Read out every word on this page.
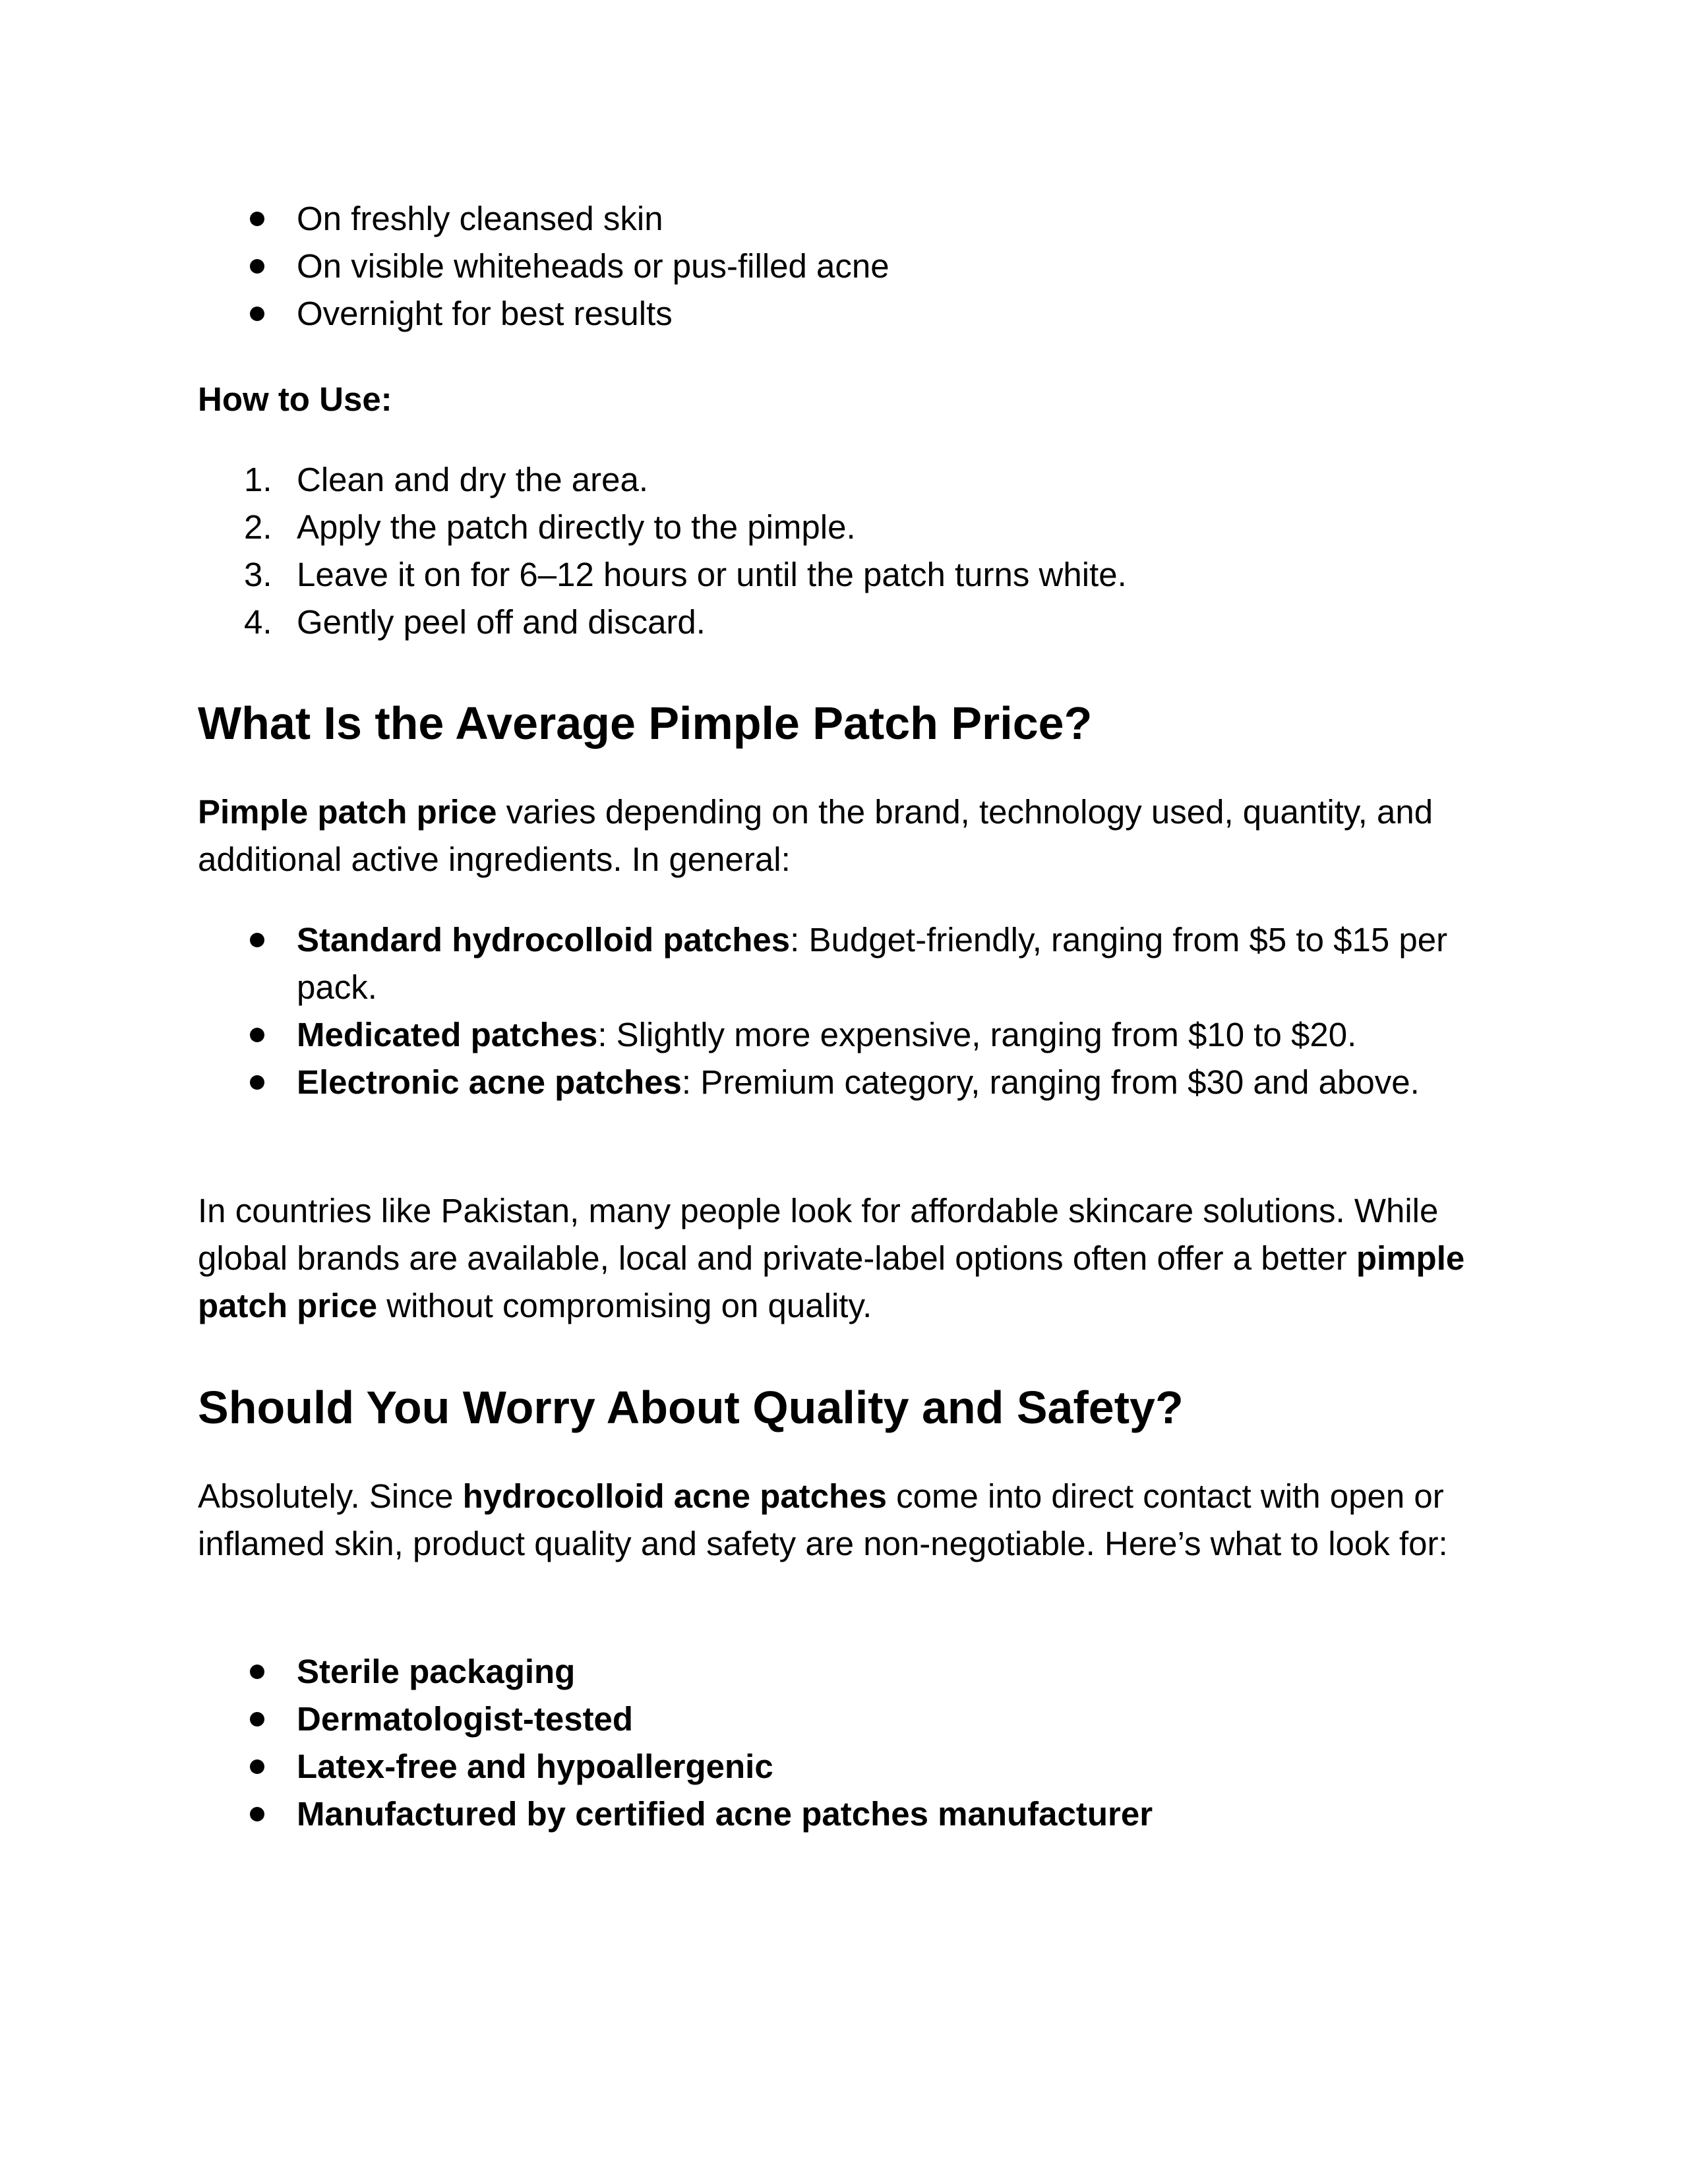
On freshly cleansed skin
On visible whiteheads or pus-filled acne
Overnight for best results

How to Use:

1. Clean and dry the area.
2. Apply the patch directly to the pimple.
3. Leave it on for 6–12 hours or until the patch turns white.
4. Gently peel off and discard.
What Is the Average Pimple Patch Price?

Pimple patch price varies depending on the brand, technology used, quantity, and additional active ingredients. In general:

Standard hydrocolloid patches: Budget-friendly, ranging from $5 to $15 per pack.
Medicated patches: Slightly more expensive, ranging from $10 to $20.
Electronic acne patches: Premium category, ranging from $30 and above.

In countries like Pakistan, many people look for affordable skincare solutions. While global brands are available, local and private-label options often offer a better pimple patch price without compromising on quality.

Should You Worry About Quality and Safety?

Absolutely. Since hydrocolloid acne patches come into direct contact with open or inflamed skin, product quality and safety are non-negotiable. Here’s what to look for:

Sterile packaging
Dermatologist-tested
Latex-free and hypoallergenic
Manufactured by certified acne patches manufacturer
